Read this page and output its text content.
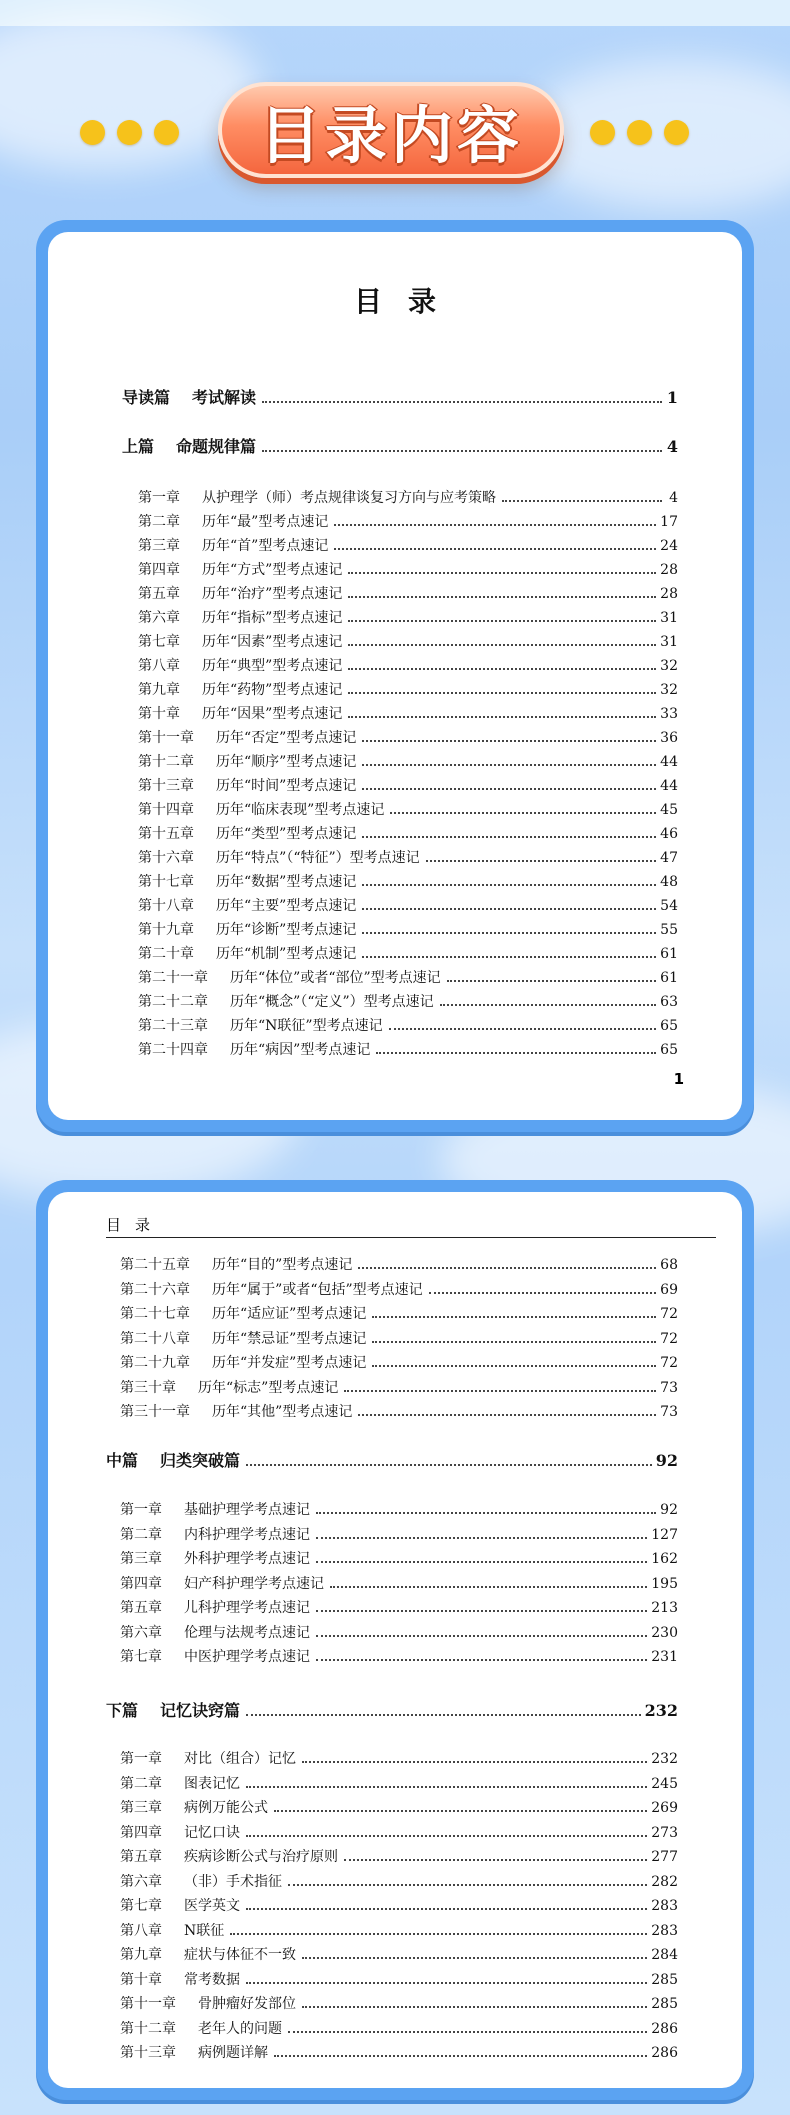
目录内容
目录
1
导读篇 考试解读	1
上篇 命题规律篇	4
第一章 从护理学（师）考点规律谈复习方向与应考策略	4
第二章 历年“最”型考点速记	17
第三章 历年“首”型考点速记	24
第四章 历年“方式”型考点速记	28
第五章 历年“治疗”型考点速记	28
第六章 历年“指标”型考点速记	31
第七章 历年“因素”型考点速记	31
第八章 历年“典型”型考点速记	32
第九章 历年“药物”型考点速记	32
第十章 历年“因果”型考点速记	33
第十一章 历年“否定”型考点速记	36
第十二章 历年“顺序”型考点速记	44
第十三章 历年“时间”型考点速记	44
第十四章 历年“临床表现”型考点速记	45
第十五章 历年“类型”型考点速记	46
第十六章 历年“特点”（“特征”）型考点速记	47
第十七章 历年“数据”型考点速记	48
第十八章 历年“主要”型考点速记	54
第十九章 历年“诊断”型考点速记	55
第二十章 历年“机制”型考点速记	61
第二十一章 历年“体位”或者“部位”型考点速记	61
第二十二章 历年“概念”（“定义”）型考点速记	63
第二十三章 历年“N联征”型考点速记	65
第二十四章 历年“病因”型考点速记	65
目录
第二十五章 历年“目的”型考点速记	68
第二十六章 历年“属于”或者“包括”型考点速记	69
第二十七章 历年“适应证”型考点速记	72
第二十八章 历年“禁忌证”型考点速记	72
第二十九章 历年“并发症”型考点速记	72
第三十章 历年“标志”型考点速记	73
第三十一章 历年“其他”型考点速记	73
中篇 归类突破篇	92
第一章 基础护理学考点速记	92
第二章 内科护理学考点速记	127
第三章 外科护理学考点速记	162
第四章 妇产科护理学考点速记	195
第五章 儿科护理学考点速记	213
第六章 伦理与法规考点速记	230
第七章 中医护理学考点速记	231
下篇 记忆诀窍篇	232
第一章 对比（组合）记忆	232
第二章 图表记忆	245
第三章 病例万能公式	269
第四章 记忆口诀	273
第五章 疾病诊断公式与治疗原则	277
第六章 （非）手术指征	282
第七章 医学英文	283
第八章 N联征	283
第九章 症状与体征不一致	284
第十章 常考数据	285
第十一章 骨肿瘤好发部位	285
第十二章 老年人的问题	286
第十三章 病例题详解	286
